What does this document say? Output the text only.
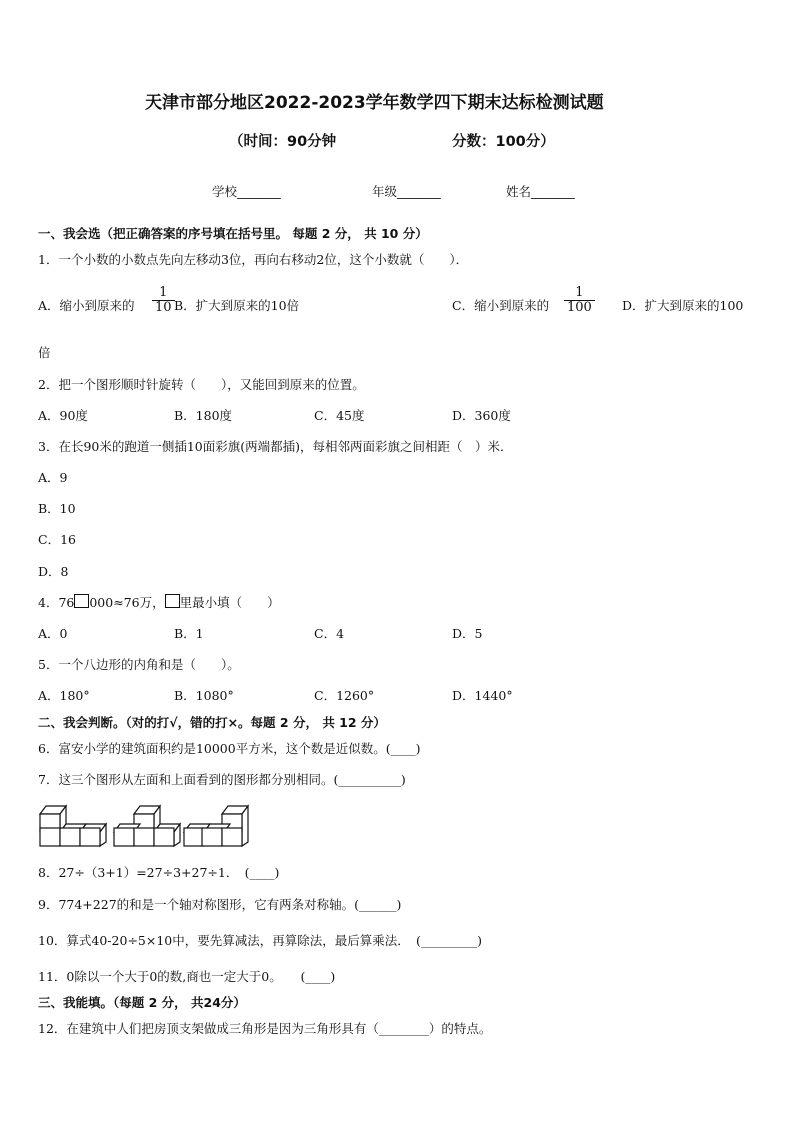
天津市部分地区2022-2023学年数学四下期末达标检测试题
（时间：90分钟	分数：100分）
学校_______	年级_______	姓名_______
一、我会选（把正确答案的序号填在括号里。 每题 2 分， 共 10 分）
1．一个小数的小数点先向左移动3位，再向右移动2位，这个小数就（　　）．
A．缩小到原来的 $\frac{1}{10}$ B．扩大到原来的10倍	C．缩小到原来的 $\frac{1}{100}$ D．扩大到原来的100
倍
2．把一个图形顺时针旋转（　　），又能回到原来的位置。
A．90度	B．180度	C．45度	D．360度
3．在长90米的跑道一侧插10面彩旗(两端都插)，每相邻两面彩旗之间相距（　）米．
A．9
B．10
C．16
D．8
4．76 000≈76万， 里最小填（　　）
A．0	B．1	C．4	D．5
5．一个八边形的内角和是（　　）。
A．180°	B．1080°	C．1260°	D．1440°
二、我会判断。（对的打√，错的打×。每题 2 分， 共 12 分）
6．富安小学的建筑面积约是10000平方米，这个数是近似数。(____)
7．这三个图形从左面和上面看到的图形都分别相同。(__________)
8．27÷（3+1）=27÷3+27÷1．　(____)
9．774+227的和是一个轴对称图形，它有两条对称轴。(______)
10．算式40-20÷5×10中，要先算减法，再算除法，最后算乘法．　(_________)
11．0除以一个大于0的数,商也一定大于0。　　(____)
三、我能填。（每题 2 分， 共24分）
12．在建筑中人们把房顶支架做成三角形是因为三角形具有（________）的特点。
